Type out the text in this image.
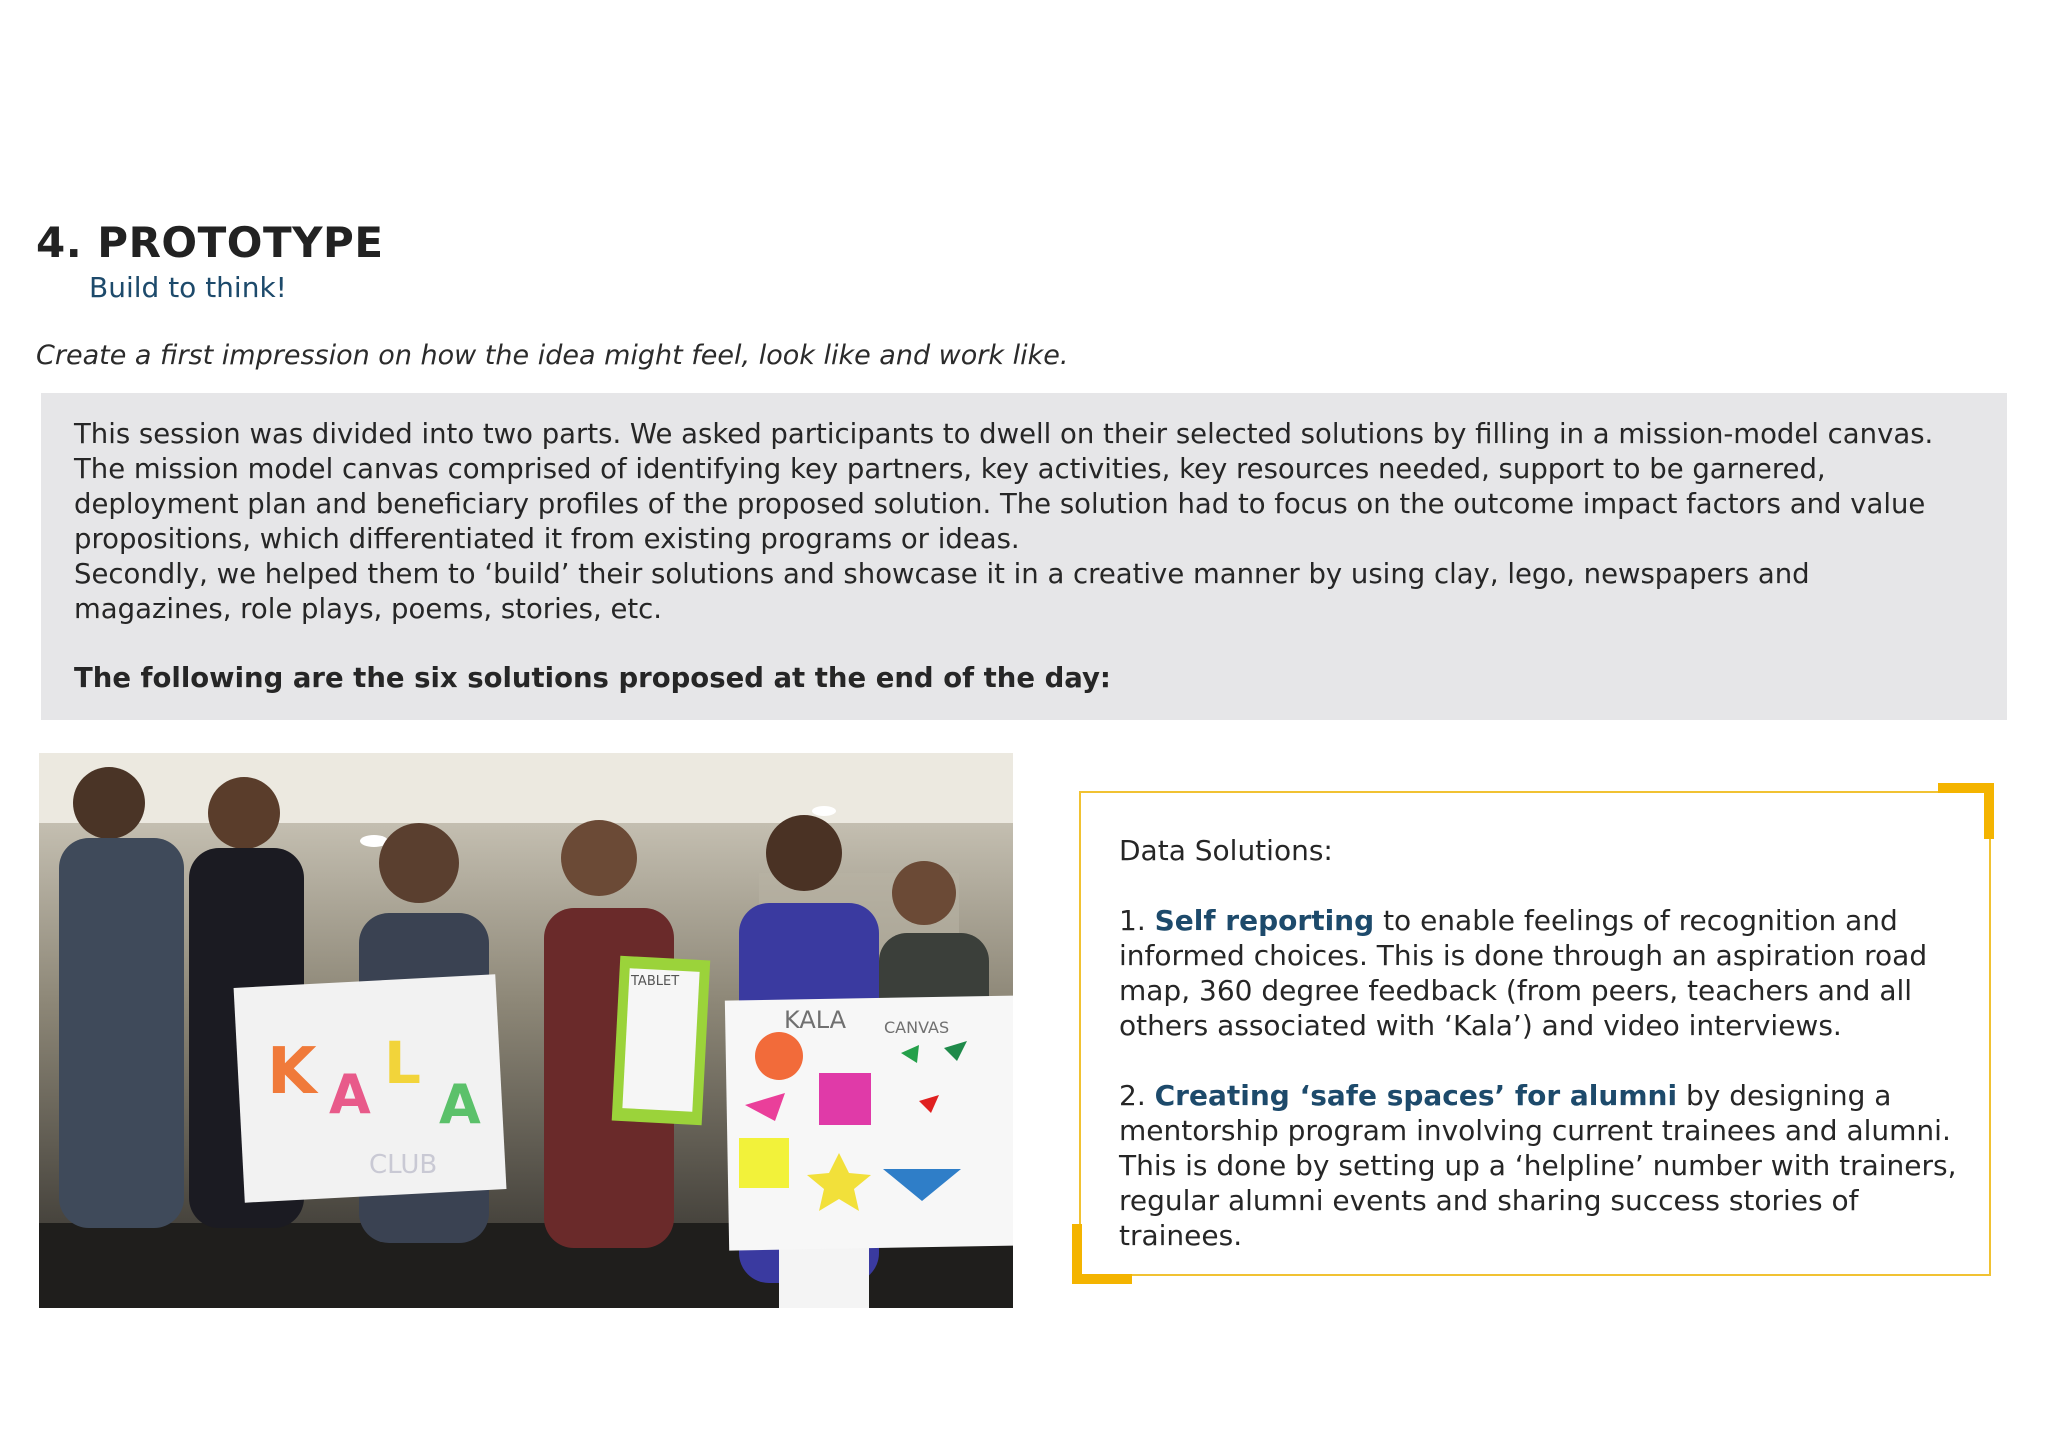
4. PROTOTYPE
Build to think!
Create a first impression on how the idea might feel, look like and work like.

This session was divided into two parts. We asked participants to dwell on their selected solutions by filling in a mission-model canvas. The mission model canvas comprised of identifying key partners, key activities, key resources needed, support to be garnered, deployment plan and beneficiary profiles of the proposed solution. The solution had to focus on the outcome impact factors and value propositions, which differentiated it from existing programs or ideas.

Secondly, we helped them to ‘build’ their solutions and showcase it in a creative manner by using clay, lego, newspapers and magazines, role plays, poems, stories, etc.

The following are the six solutions proposed at the end of the day:

K A L
A
CLUB
TABLET
KALA CANVAS

Data Solutions:

1. Self reporting to enable feelings of recognition and informed choices. This is done through an aspiration road map, 360 degree feedback (from peers, teachers and all others associated with ‘Kala’) and video interviews.

2. Creating ‘safe spaces’ for alumni by designing a mentorship program involving current trainees and alumni. This is done by setting up a ‘helpline’ number with trainers, regular alumni events and sharing success stories of trainees.
